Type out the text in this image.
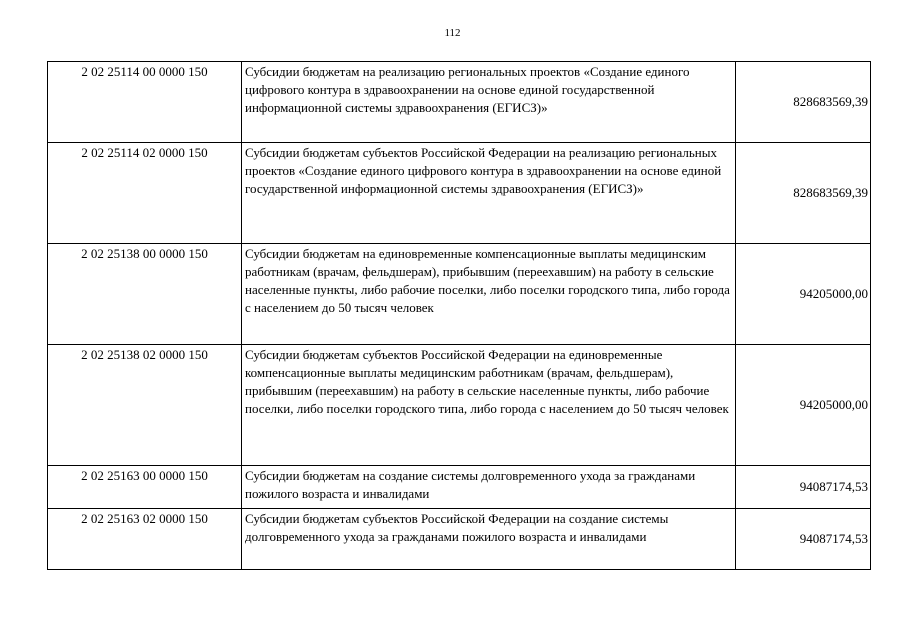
112
2 02 25114 00 0000 150	Субсидии бюджетам на реализацию региональных проектов «Создание единого цифрового контура в здравоохранении на основе единой государственной информационной системы здравоохранения (ЕГИСЗ)»	828683569,39
2 02 25114 02 0000 150	Субсидии бюджетам субъектов Российской Федерации на реализацию региональных проектов «Создание единого цифрового контура в здравоохранении на основе единой государственной информационной системы здравоохранения (ЕГИСЗ)»	828683569,39
2 02 25138 00 0000 150	Субсидии бюджетам на единовременные компенсационные выплаты медицинским работникам (врачам, фельдшерам), прибывшим (переехавшим) на работу в сельские населенные пункты, либо рабочие поселки, либо поселки городского типа, либо города с населением до 50 тысяч человек	94205000,00
2 02 25138 02 0000 150	Субсидии бюджетам субъектов Российской Федерации на единовременные компенсационные выплаты медицинским работникам (врачам, фельдшерам), прибывшим (переехавшим) на работу в сельские населенные пункты, либо рабочие поселки, либо поселки городского типа, либо города с населением до 50 тысяч человек	94205000,00
2 02 25163 00 0000 150	Субсидии бюджетам на создание системы долговременного ухода за гражданами пожилого возраста и инвалидами	94087174,53
2 02 25163 02 0000 150	Субсидии бюджетам субъектов Российской Федерации на создание системы долговременного ухода за гражданами пожилого возраста и инвалидами	94087174,53
